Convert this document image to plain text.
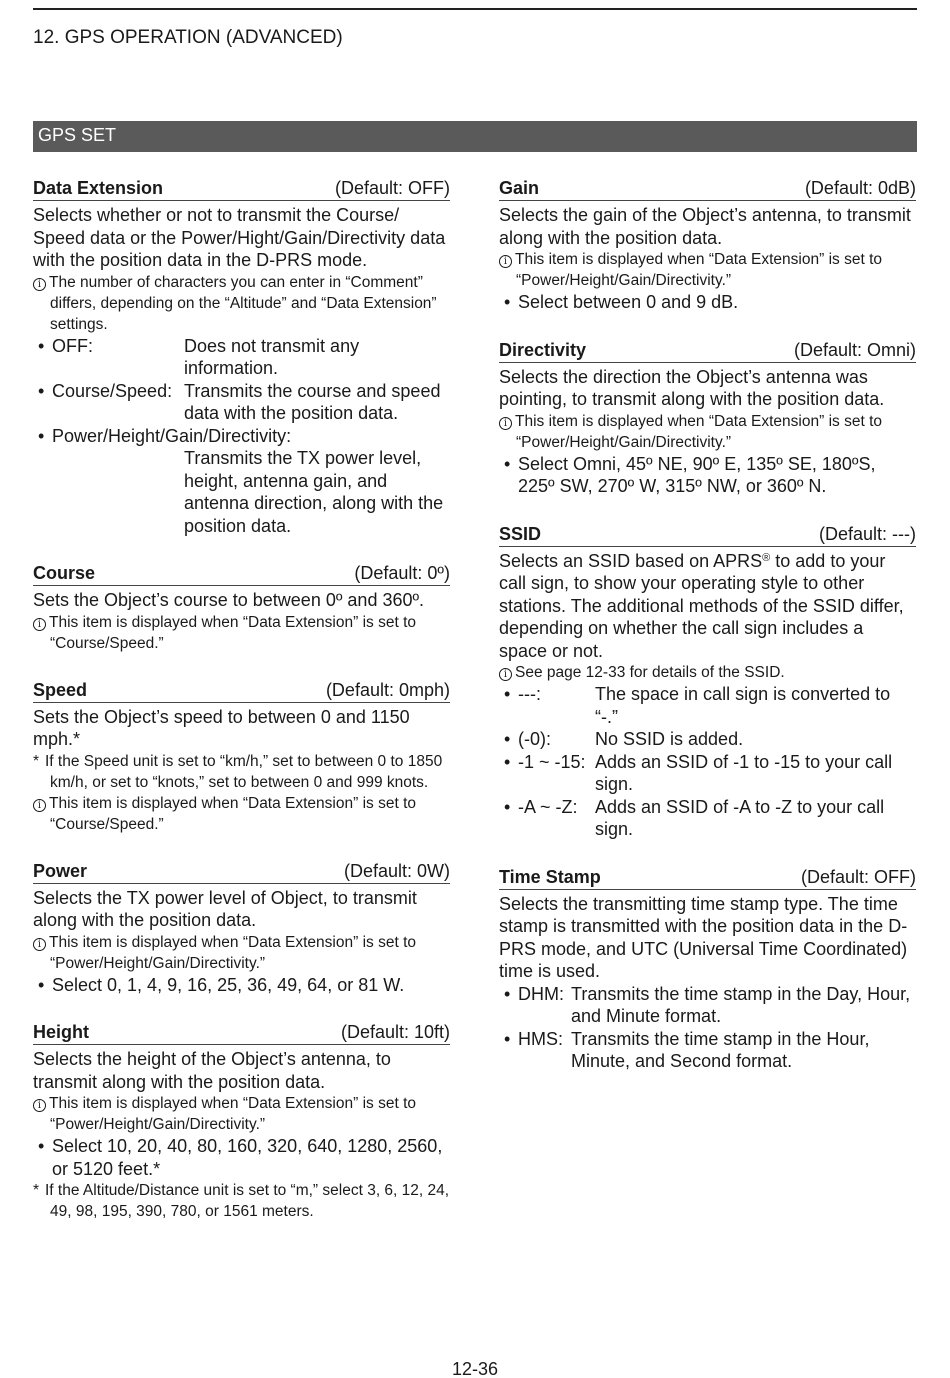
12. GPS OPERATION (ADVANCED)
GPS SET
Data Extension	(Default: OFF)
Selects whether or not to transmit the Course/ Speed data or the Power/Hight/Gain/Directivity data with the position data in the D-PRS mode.
i The number of characters you can enter in “Comment” differs, depending on the “Altitude” and “Data Extension” settings.
• OFF:	Does not transmit any information.
• Course/Speed: Transmits the course and speed data with the position data.
• Power/Height/Gain/Directivity:
Transmits the TX power level, height, antenna gain, and antenna direction, along with the position data.
Course	(Default: 0º)
Sets the Object’s course to between 0º and 360º.
i This item is displayed when “Data Extension” is set to “Course/Speed.”
Speed	(Default: 0mph)
Sets the Object’s speed to between 0 and 1150 mph.*
* If the Speed unit is set to “km/h,” set to between 0 to 1850 km/h, or set to “knots,” set to between 0 and 999 knots.
i This item is displayed when “Data Extension” is set to “Course/Speed.”
Power	(Default: 0W)
Selects the TX power level of Object, to transmit along with the position data.
i This item is displayed when “Data Extension” is set to “Power/Height/Gain/Directivity.”
• Select 0, 1, 4, 9, 16, 25, 36, 49, 64, or 81 W.
Height	(Default: 10ft)
Selects the height of the Object’s antenna, to transmit along with the position data.
i This item is displayed when “Data Extension” is set to “Power/Height/Gain/Directivity.”
• Select 10, 20, 40, 80, 160, 320, 640, 1280, 2560, or 5120 feet.*
* If the Altitude/Distance unit is set to “m,” select 3, 6, 12, 24, 49, 98, 195, 390, 780, or 1561 meters.
Gain	(Default: 0dB)
Selects the gain of the Object’s antenna, to transmit along with the position data.
i This item is displayed when “Data Extension” is set to “Power/Height/Gain/Directivity.”
• Select between 0 and 9 dB.
Directivity	(Default: Omni)
Selects the direction the Object’s antenna was pointing, to transmit along with the position data.
i This item is displayed when “Data Extension” is set to “Power/Height/Gain/Directivity.”
• Select Omni, 45º NE, 90º E, 135º SE, 180ºS, 225º SW, 270º W, 315º NW, or 360º N.
SSID	(Default: ---)
Selects an SSID based on APRS® to add to your call sign, to show your operating style to other stations. The additional methods of the SSID differ, depending on whether the call sign includes a space or not.
i See page 12-33 for details of the SSID.
• ---:	The space in call sign is converted to “-.”
• (-0):	No SSID is added.
• -1 ~ -15: Adds an SSID of -1 to -15 to your call sign.
• -A ~ -Z: Adds an SSID of -A to -Z to your call sign.
Time Stamp	(Default: OFF)
Selects the transmitting time stamp type. The time stamp is transmitted with the position data in the D-PRS mode, and UTC (Universal Time Coordinated) time is used.
• DHM: Transmits the time stamp in the Day, Hour, and Minute format.
• HMS: Transmits the time stamp in the Hour, Minute, and Second format.
12-36
